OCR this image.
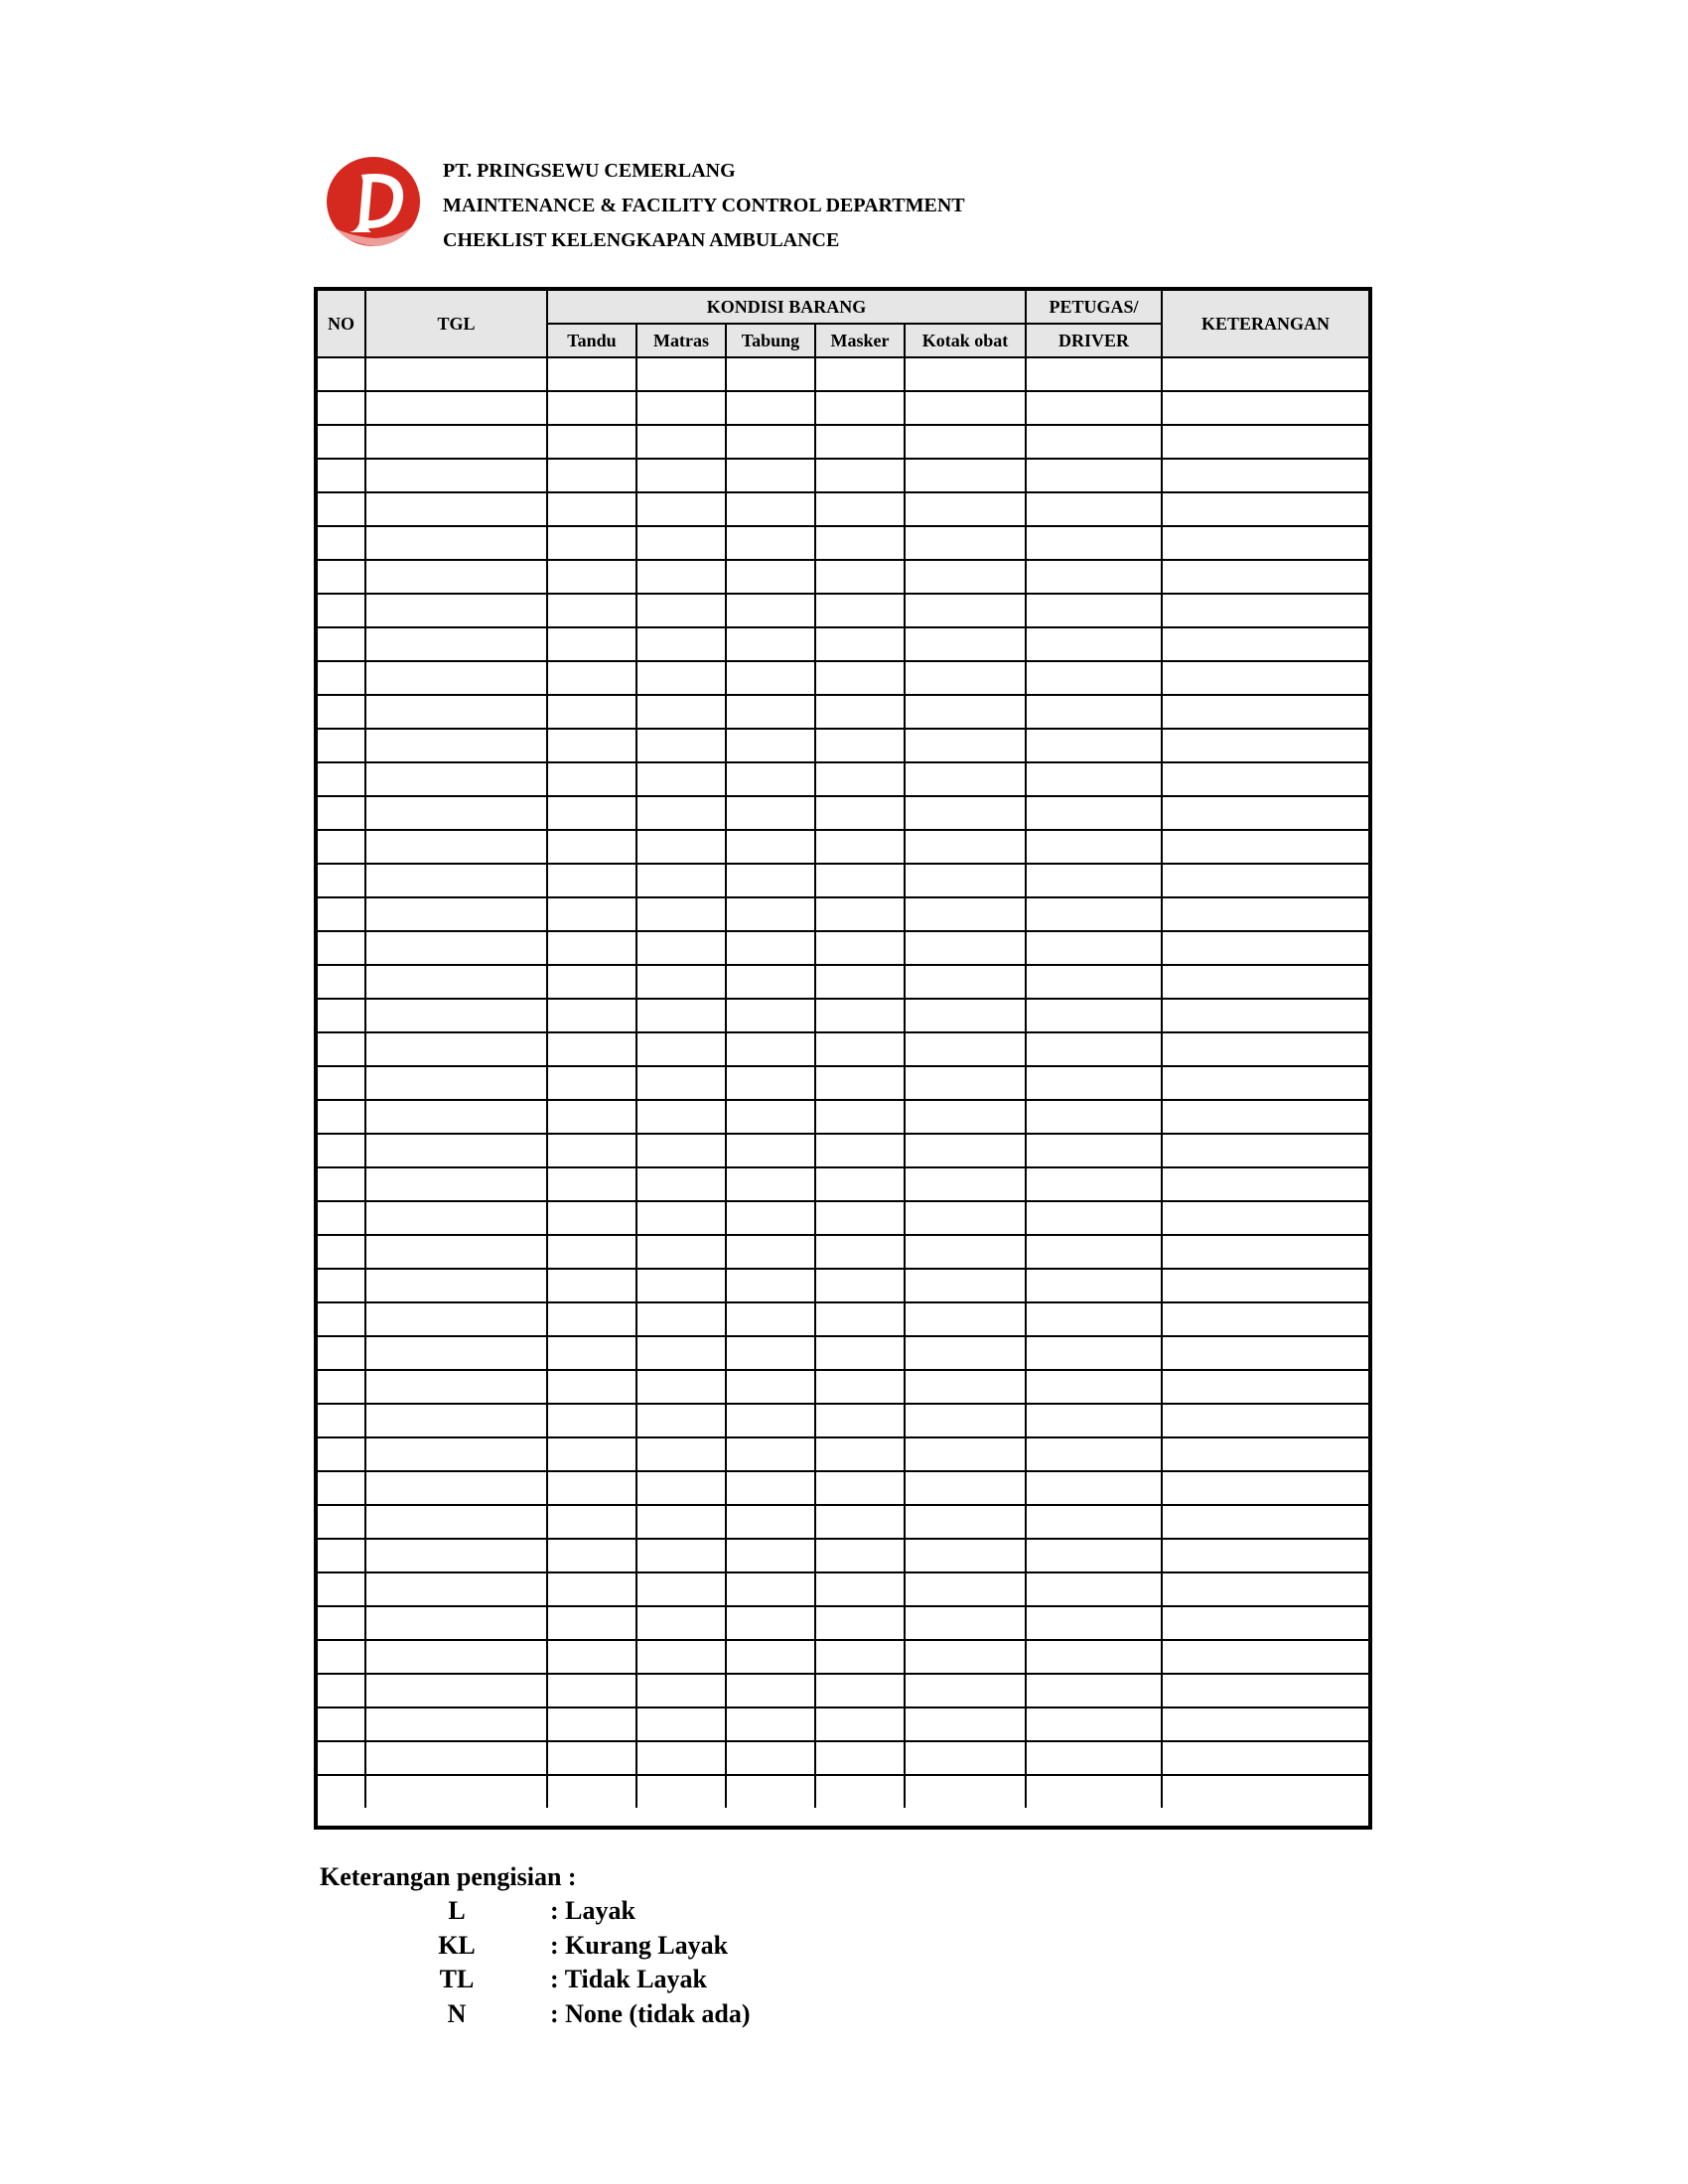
PT. PRINGSEWU CEMERLANG
MAINTENANCE & FACILITY CONTROL DEPARTMENT
CHEKLIST KELENGKAPAN AMBULANCE
NO	TGL	KONDISI BARANG					PETUGAS/	KETERANGAN
		Tandu	Matras	Tabung	Masker	Kotak obat	DRIVER	

Keterangan pengisian :
L	: Layak
KL	: Kurang Layak
TL	: Tidak Layak
N	: None (tidak ada)
